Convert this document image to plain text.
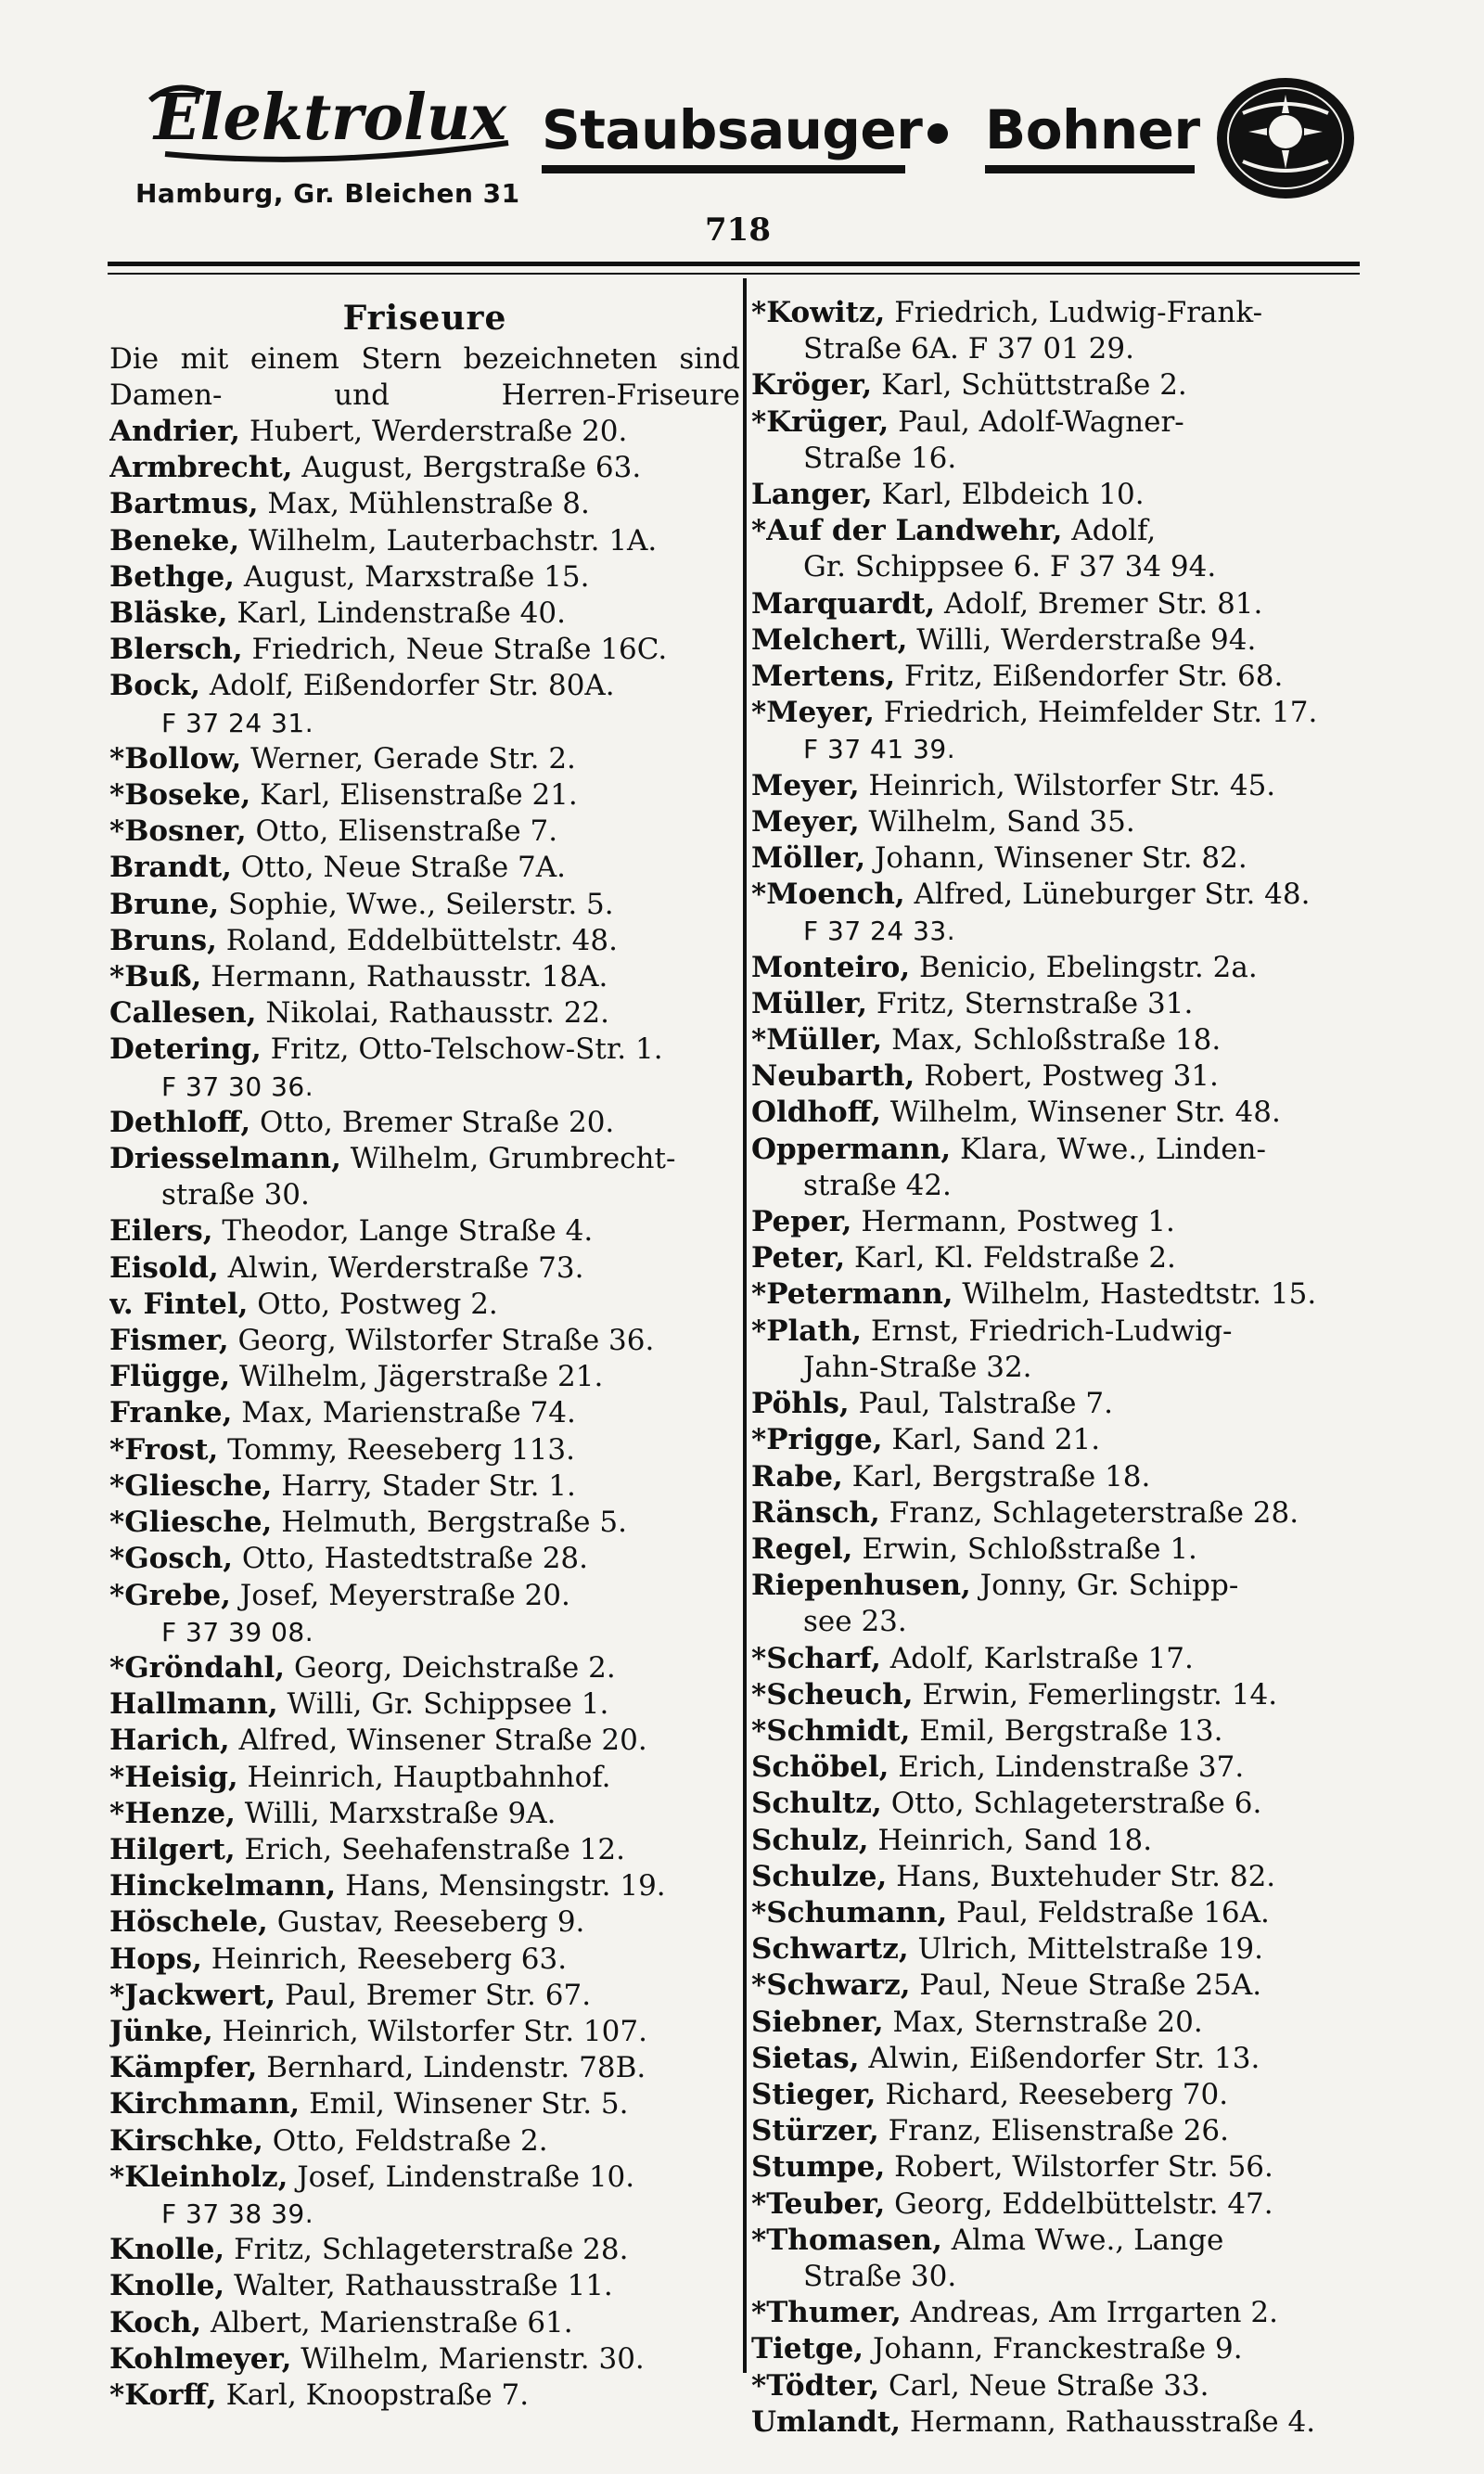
Elektrolux
Hamburg, Gr. Bleichen 31
Staubsauger Bohner
718
Friseure
Die mit einem Stern bezeichneten sind Damen- und Herren-Friseure
Andrier, Hubert, Werderstraße 20.
Armbrecht, August, Bergstraße 63.
Bartmus, Max, Mühlenstraße 8.
Beneke, Wilhelm, Lauterbachstr. 1A.
Bethge, August, Marxstraße 15.
Bläske, Karl, Lindenstraße 40.
Blersch, Friedrich, Neue Straße 16C.
Bock, Adolf, Eißendorfer Str. 80A.
F 37 24 31.
*Bollow, Werner, Gerade Str. 2.
*Boseke, Karl, Elisenstraße 21.
*Bosner, Otto, Elisenstraße 7.
Brandt, Otto, Neue Straße 7A.
Brune, Sophie, Wwe., Seilerstr. 5.
Bruns, Roland, Eddelbüttelstr. 48.
*Buß, Hermann, Rathausstr. 18A.
Callesen, Nikolai, Rathausstr. 22.
Detering, Fritz, Otto-Telschow-Str. 1.
F 37 30 36.
Dethloff, Otto, Bremer Straße 20.
Driesselmann, Wilhelm, Grumbrecht-
straße 30.
Eilers, Theodor, Lange Straße 4.
Eisold, Alwin, Werderstraße 73.
v. Fintel, Otto, Postweg 2.
Fismer, Georg, Wilstorfer Straße 36.
Flügge, Wilhelm, Jägerstraße 21.
Franke, Max, Marienstraße 74.
*Frost, Tommy, Reeseberg 113.
*Gliesche, Harry, Stader Str. 1.
*Gliesche, Helmuth, Bergstraße 5.
*Gosch, Otto, Hastedtstraße 28.
*Grebe, Josef, Meyerstraße 20.
F 37 39 08.
*Gröndahl, Georg, Deichstraße 2.
Hallmann, Willi, Gr. Schippsee 1.
Harich, Alfred, Winsener Straße 20.
*Heisig, Heinrich, Hauptbahnhof.
*Henze, Willi, Marxstraße 9A.
Hilgert, Erich, Seehafenstraße 12.
Hinckelmann, Hans, Mensingstr. 19.
Höschele, Gustav, Reeseberg 9.
Hops, Heinrich, Reeseberg 63.
*Jackwert, Paul, Bremer Str. 67.
Jünke, Heinrich, Wilstorfer Str. 107.
Kämpfer, Bernhard, Lindenstr. 78B.
Kirchmann, Emil, Winsener Str. 5.
Kirschke, Otto, Feldstraße 2.
*Kleinholz, Josef, Lindenstraße 10.
F 37 38 39.
Knolle, Fritz, Schlageterstraße 28.
Knolle, Walter, Rathausstraße 11.
Koch, Albert, Marienstraße 61.
Kohlmeyer, Wilhelm, Marienstr. 30.
*Korff, Karl, Knoopstraße 7.
*Kowitz, Friedrich, Ludwig-Frank-
Straße 6A. F 37 01 29.
Kröger, Karl, Schüttstraße 2.
*Krüger, Paul, Adolf-Wagner-
Straße 16.
Langer, Karl, Elbdeich 10.
*Auf der Landwehr, Adolf,
Gr. Schippsee 6. F 37 34 94.
Marquardt, Adolf, Bremer Str. 81.
Melchert, Willi, Werderstraße 94.
Mertens, Fritz, Eißendorfer Str. 68.
*Meyer, Friedrich, Heimfelder Str. 17.
F 37 41 39.
Meyer, Heinrich, Wilstorfer Str. 45.
Meyer, Wilhelm, Sand 35.
Möller, Johann, Winsener Str. 82.
*Moench, Alfred, Lüneburger Str. 48.
F 37 24 33.
Monteiro, Benicio, Ebelingstr. 2a.
Müller, Fritz, Sternstraße 31.
*Müller, Max, Schloßstraße 18.
Neubarth, Robert, Postweg 31.
Oldhoff, Wilhelm, Winsener Str. 48.
Oppermann, Klara, Wwe., Linden-
straße 42.
Peper, Hermann, Postweg 1.
Peter, Karl, Kl. Feldstraße 2.
*Petermann, Wilhelm, Hastedtstr. 15.
*Plath, Ernst, Friedrich-Ludwig-
Jahn-Straße 32.
Pöhls, Paul, Talstraße 7.
*Prigge, Karl, Sand 21.
Rabe, Karl, Bergstraße 18.
Ränsch, Franz, Schlageterstraße 28.
Regel, Erwin, Schloßstraße 1.
Riepenhusen, Jonny, Gr. Schipp-
see 23.
*Scharf, Adolf, Karlstraße 17.
*Scheuch, Erwin, Femerlingstr. 14.
*Schmidt, Emil, Bergstraße 13.
Schöbel, Erich, Lindenstraße 37.
Schultz, Otto, Schlageterstraße 6.
Schulz, Heinrich, Sand 18.
Schulze, Hans, Buxtehuder Str. 82.
*Schumann, Paul, Feldstraße 16A.
Schwartz, Ulrich, Mittelstraße 19.
*Schwarz, Paul, Neue Straße 25A.
Siebner, Max, Sternstraße 20.
Sietas, Alwin, Eißendorfer Str. 13.
Stieger, Richard, Reeseberg 70.
Stürzer, Franz, Elisenstraße 26.
Stumpe, Robert, Wilstorfer Str. 56.
*Teuber, Georg, Eddelbüttelstr. 47.
*Thomasen, Alma Wwe., Lange
Straße 30.
*Thumer, Andreas, Am Irrgarten 2.
Tietge, Johann, Franckestraße 9.
*Tödter, Carl, Neue Straße 33.
Umlandt, Hermann, Rathausstraße 4.
